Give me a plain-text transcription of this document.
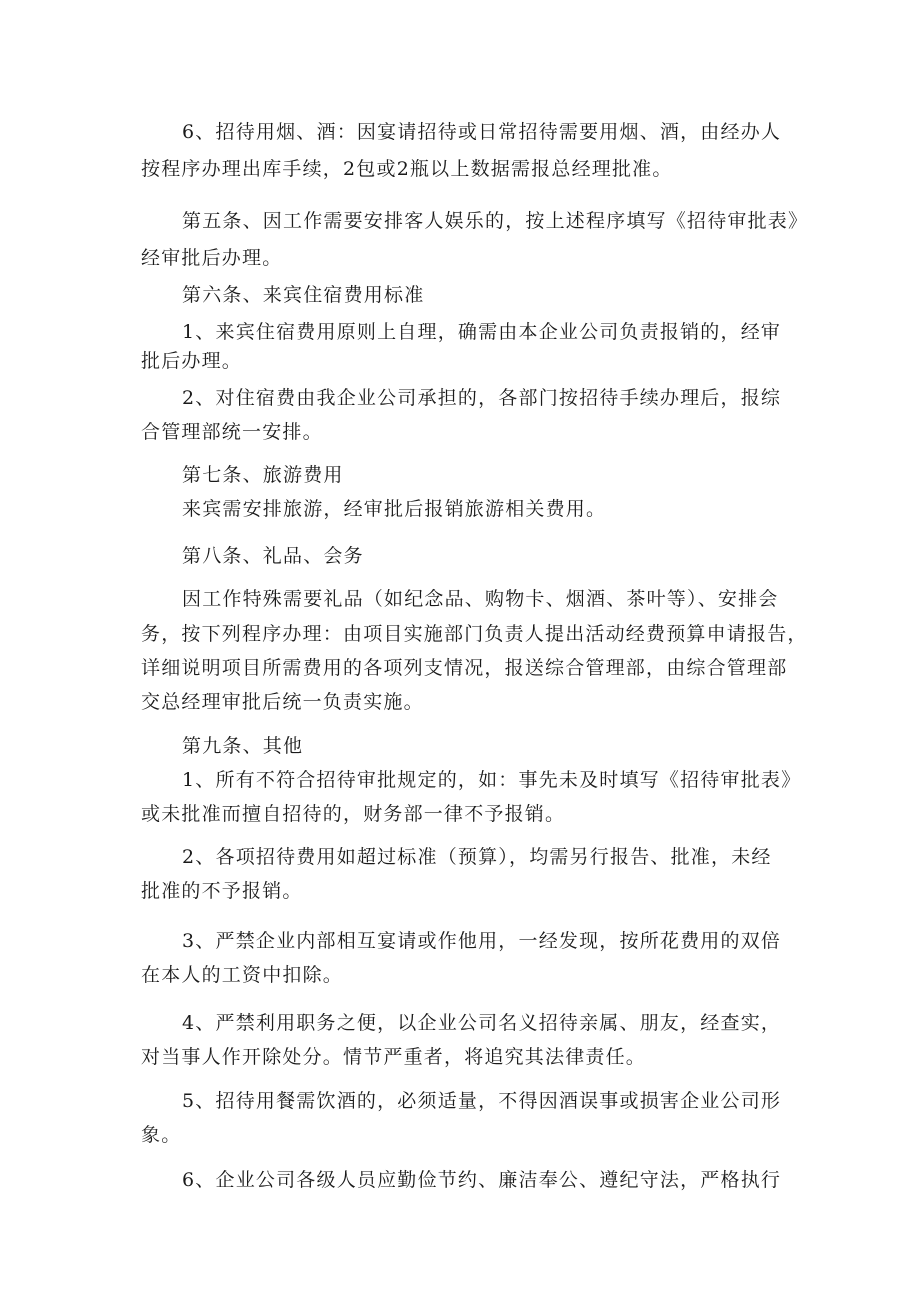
6、招待用烟、酒：因宴请招待或日常招待需要用烟、酒，由经办人
按程序办理出库手续，2包或2瓶以上数据需报总经理批准。
第五条、因工作需要安排客人娱乐的，按上述程序填写《招待审批表》
经审批后办理。
第六条、来宾住宿费用标准
1、来宾住宿费用原则上自理，确需由本企业公司负责报销的，经审
批后办理。
2、对住宿费由我企业公司承担的，各部门按招待手续办理后，报综
合管理部统一安排。
第七条、旅游费用
来宾需安排旅游，经审批后报销旅游相关费用。
第八条、礼品、会务
因工作特殊需要礼品（如纪念品、购物卡、烟酒、茶叶等）、安排会
务，按下列程序办理：由项目实施部门负责人提出活动经费预算申请报告，
详细说明项目所需费用的各项列支情况，报送综合管理部，由综合管理部
交总经理审批后统一负责实施。
第九条、其他
1、所有不符合招待审批规定的，如：事先未及时填写《招待审批表》
或未批准而擅自招待的，财务部一律不予报销。
2、各项招待费用如超过标准（预算），均需另行报告、批准，未经
批准的不予报销。
3、严禁企业内部相互宴请或作他用，一经发现，按所花费用的双倍
在本人的工资中扣除。
4、严禁利用职务之便，以企业公司名义招待亲属、朋友，经查实，
对当事人作开除处分。情节严重者，将追究其法律责任。
5、招待用餐需饮酒的，必须适量，不得因酒误事或损害企业公司形
象。
6、企业公司各级人员应勤俭节约、廉洁奉公、遵纪守法，严格执行
